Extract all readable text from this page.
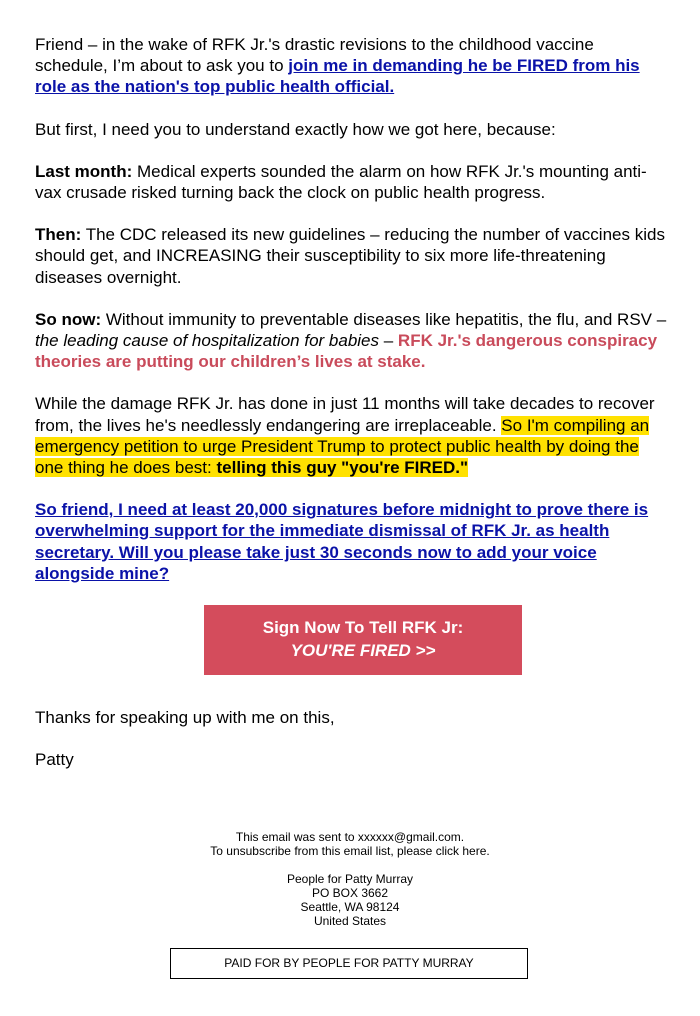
Friend – in the wake of RFK Jr.'s drastic revisions to the childhood vaccine schedule, I’m about to ask you to join me in demanding he be FIRED from his role as the nation's top public health official.

But first, I need you to understand exactly how we got here, because:

Last month: Medical experts sounded the alarm on how RFK Jr.'s mounting anti-vax crusade risked turning back the clock on public health progress.

Then: The CDC released its new guidelines – reducing the number of vaccines kids should get, and INCREASING their susceptibility to six more life-threatening diseases overnight.

So now: Without immunity to preventable diseases like hepatitis, the flu, and RSV – the leading cause of hospitalization for babies – RFK Jr.'s dangerous conspiracy theories are putting our children’s lives at stake.

While the damage RFK Jr. has done in just 11 months will take decades to recover from, the lives he's needlessly endangering are irreplaceable. So I'm compiling an emergency petition to urge President Trump to protect public health by doing the one thing he does best: telling this guy "you're FIRED."

So friend, I need at least 20,000 signatures before midnight to prove there is overwhelming support for the immediate dismissal of RFK Jr. as health secretary. Will you please take just 30 seconds now to add your voice alongside mine?

Sign Now To Tell RFK Jr:
YOU'RE FIRED >>

Thanks for speaking up with me on this,

Patty

This email was sent to xxxxxx@gmail.com.
To unsubscribe from this email list, please click here.

People for Patty Murray
PO BOX 3662
Seattle, WA 98124
United States

PAID FOR BY PEOPLE FOR PATTY MURRAY
